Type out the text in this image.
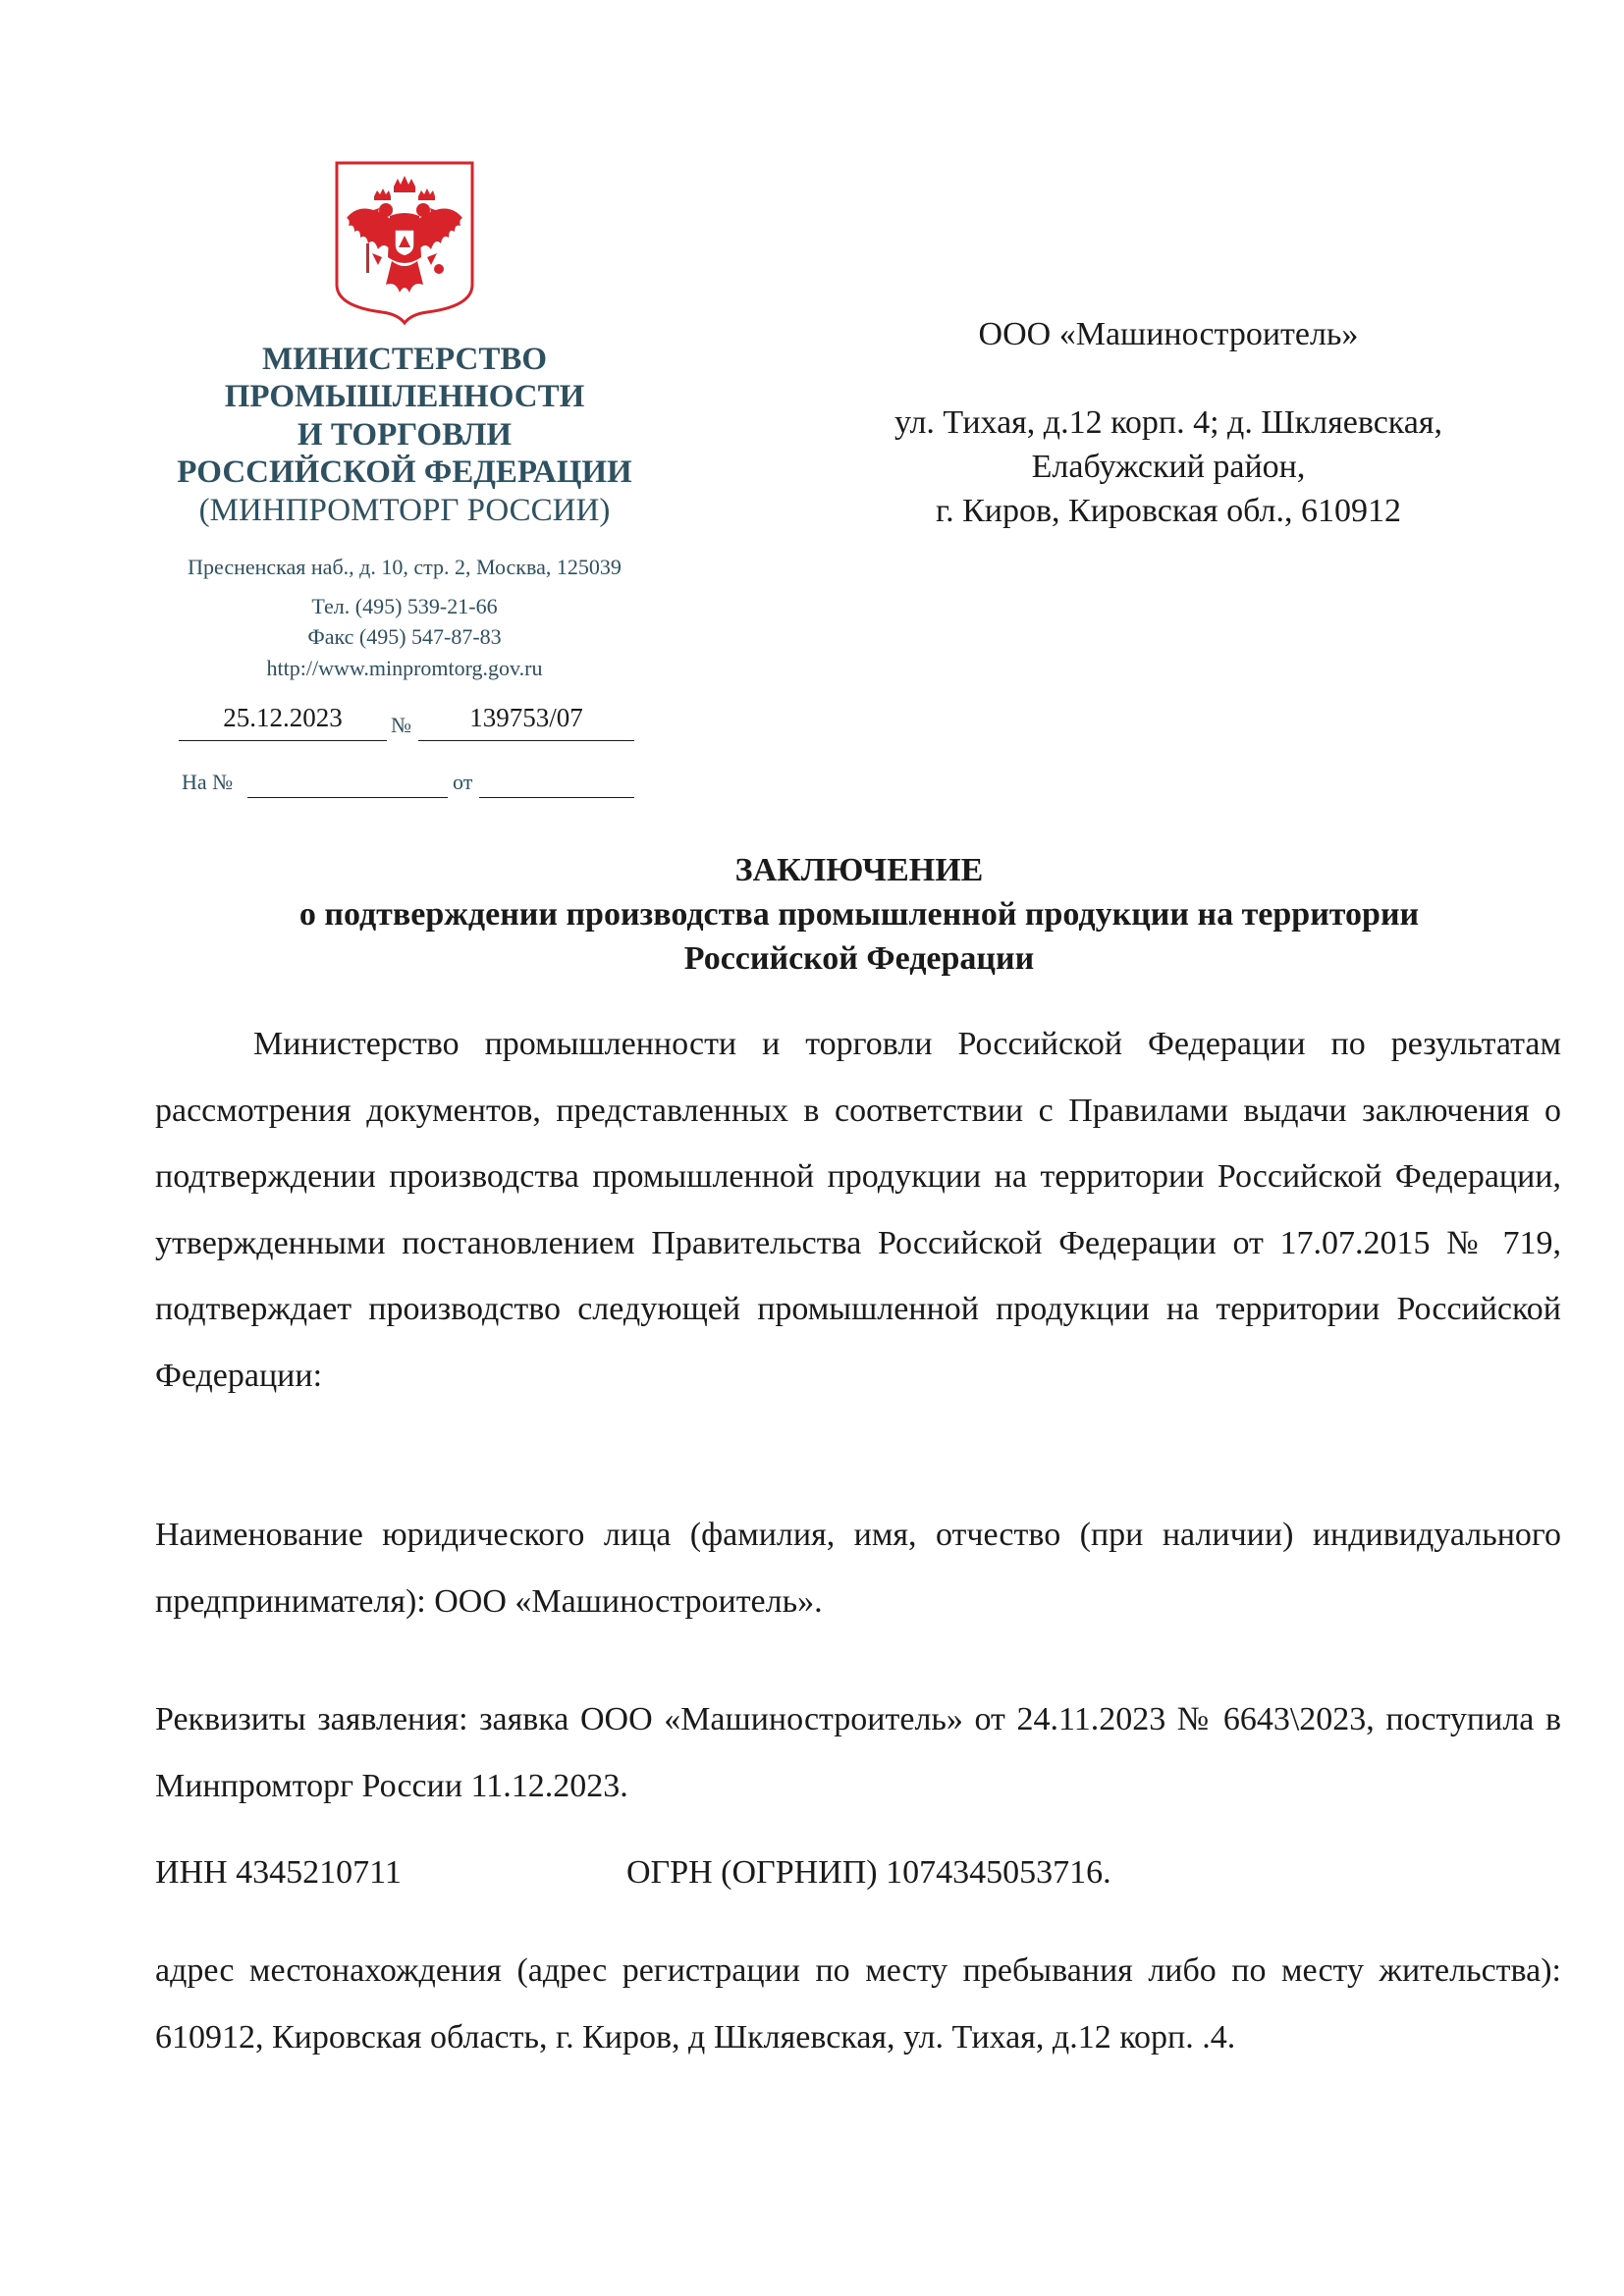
МИНИСТЕРСТВО
ПРОМЫШЛЕННОСТИ
И ТОРГОВЛИ
РОССИЙСКОЙ ФЕДЕРАЦИИ
(МИНПРОМТОРГ РОССИИ)
Пресненская наб., д. 10, стр. 2, Москва, 125039
Тел. (495) 539-21-66
Факс (495) 547-87-83
http://www.minpromtorg.gov.ru
25.12.2023	№	139753/07
На №	от
ООО «Машиностроитель»
ул. Тихая, д.12 корп. 4; д. Шкляевская,
Елабужский район,
г. Киров, Кировская обл., 610912
ЗАКЛЮЧЕНИЕ
о подтверждении производства промышленной продукции на территории
Российской Федерации
Министерство промышленности и торговли Российской Федерации по результатам рассмотрения документов, представленных в соответствии с Правилами выдачи заключения о подтверждении производства промышленной продукции на территории Российской Федерации, утвержденными постановлением Правительства Российской Федерации от 17.07.2015 № 719, подтверждает производство следующей промышленной продукции на территории Российской Федерации:
Наименование юридического лица (фамилия, имя, отчество (при наличии) индивидуального предпринимателя): ООО «Машиностроитель».
Реквизиты заявления: заявка ООО «Машиностроитель» от 24.11.2023 № 6643\2023, поступила в Минпромторг России 11.12.2023.
ИНН 4345210711	ОГРН (ОГРНИП) 1074345053716.
адрес местонахождения (адрес регистрации по месту пребывания либо по месту жительства): 610912, Кировская область, г. Киров, д Шкляевская, ул. Тихая, д.12 корп. .4.
